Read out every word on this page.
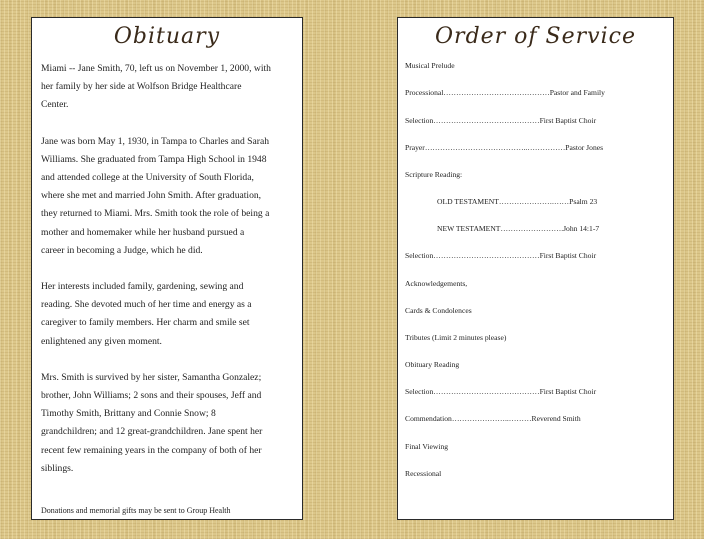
Obituary

Miami -- Jane Smith, 70, left us on November 1, 2000, with
her family by her side at Wolfson Bridge Healthcare
Center.

Jane was born May 1, 1930, in Tampa to Charles and Sarah
Williams. She graduated from Tampa High School in 1948
and attended college at the University of South Florida,
where she met and married John Smith. After graduation,
they returned to Miami. Mrs. Smith took the role of being a
mother and homemaker while her husband pursued a
career in becoming a Judge, which he did.

Her interests included family, gardening, sewing and
reading. She devoted much of her time and energy as a
caregiver to family members. Her charm and smile set
enlightened any given moment.

Mrs. Smith is survived by her sister, Samantha Gonzalez;
brother, John Williams; 2 sons and their spouses, Jeff and
Timothy Smith, Brittany and Connie Snow; 8
grandchildren; and 12 great-grandchildren. Jane spent her
recent few remaining years in the company of both of her
siblings.

Donations and memorial gifts may be sent to Group Health
Order of Service
Musical Prelude
Processional……………………………………Pastor and Family
Selection……………………………………First Baptist Choir
Prayer…………………………………..……………Pastor Jones
Scripture Reading:
OLD TESTAMENT………………….……Psalm 23
NEW TESTAMENT…………………….John 14:1-7
Selection……………………………………First Baptist Choir
Acknowledgements,
Cards & Condolences
Tributes (Limit 2 minutes please)
Obituary Reading
Selection……………………………………First Baptist Choir
Commendation…………………..………Reverend Smith
Final Viewing
Recessional
